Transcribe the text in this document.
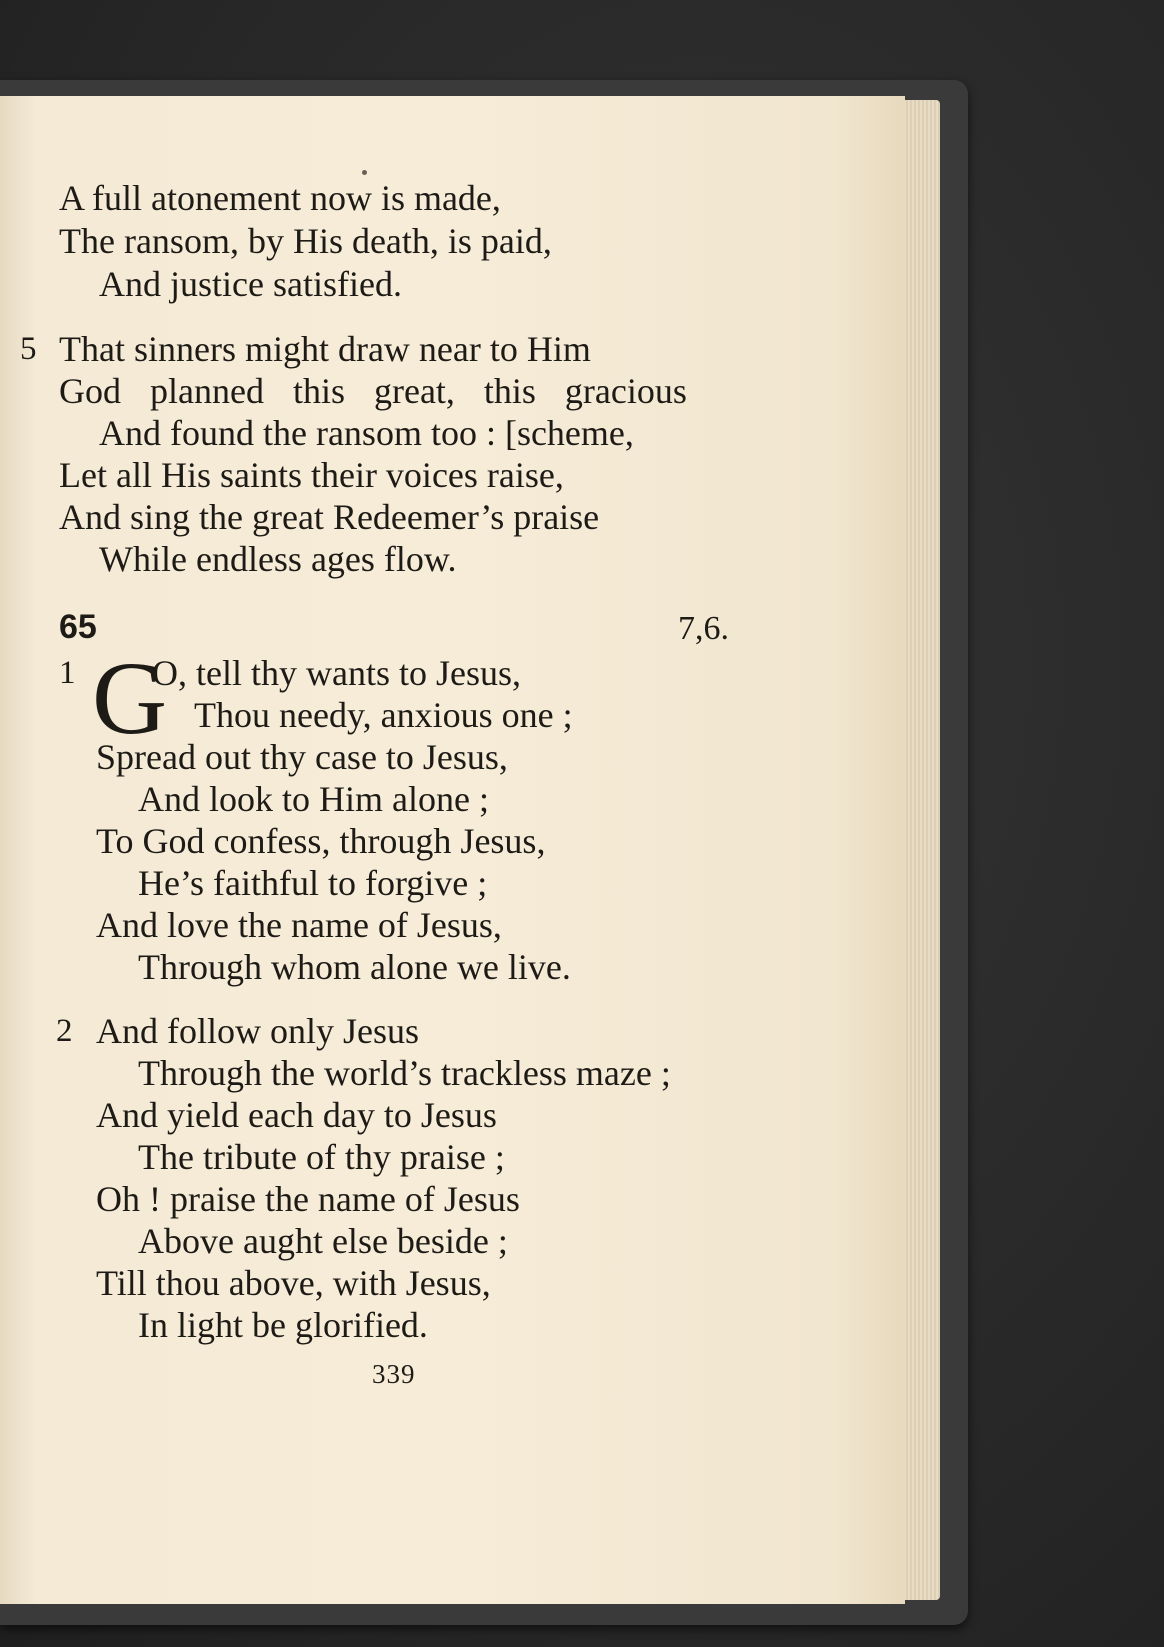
A full atonement now is made,
The ransom, by His death, is paid,
And justice satisfied.
5 That sinners might draw near to Him
God planned this great, this gracious
And found the ransom too : [scheme,
Let all His saints their voices raise,
And sing the great Redeemer’s praise
While endless ages flow.
65	7,6.
1 G
O, tell thy wants to Jesus,
Thou needy, anxious one ;
Spread out thy case to Jesus,
And look to Him alone ;
To God confess, through Jesus,
He’s faithful to forgive ;
And love the name of Jesus,
Through whom alone we live.
2 And follow only Jesus
Through the world’s trackless maze ;
And yield each day to Jesus
The tribute of thy praise ;
Oh ! praise the name of Jesus
Above aught else beside ;
Till thou above, with Jesus,
In light be glorified.
339
